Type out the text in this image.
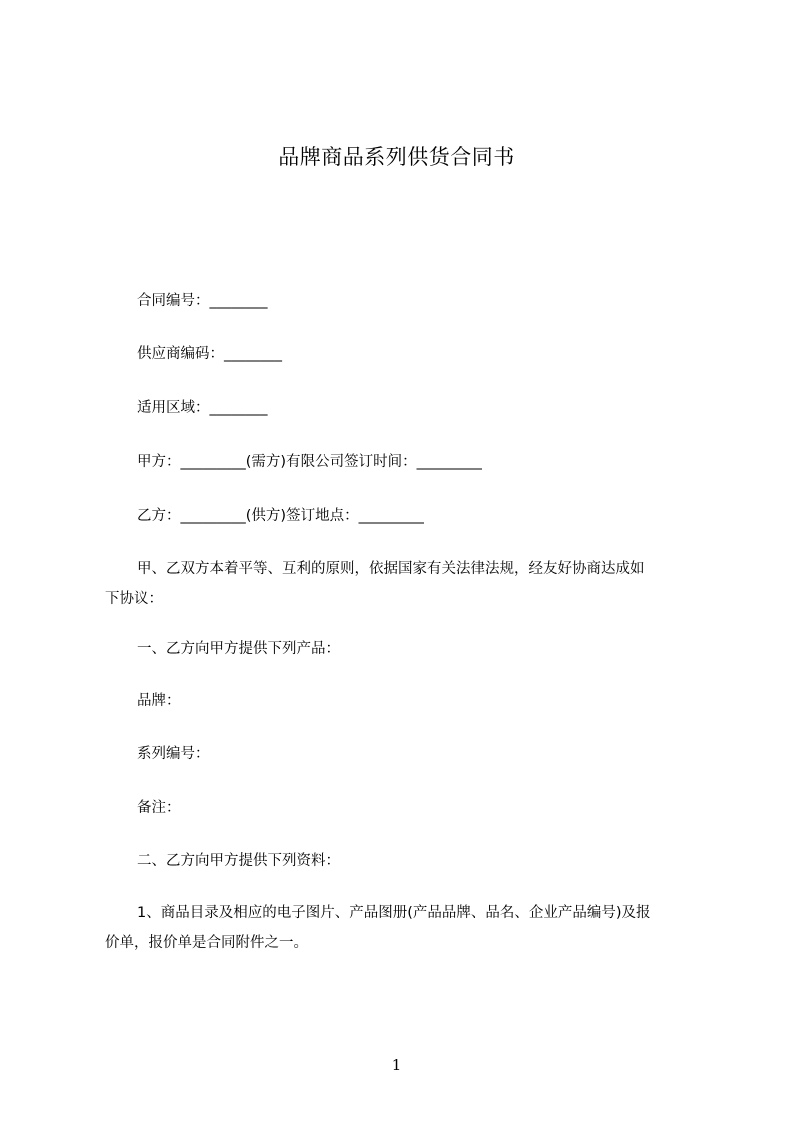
品牌商品系列供货合同书
合同编号：________
供应商编码：________
适用区域：________
甲方：_________(需方)有限公司签订时间：_________
乙方：_________(供方)签订地点：_________
甲、乙双方本着平等、互利的原则，依据国家有关法律法规，经友好协商达成如
下协议：
一、乙方向甲方提供下列产品：
品牌：
系列编号：
备注：
二、乙方向甲方提供下列资料：
1、商品目录及相应的电子图片、产品图册(产品品牌、品名、企业产品编号)及报
价单，报价单是合同附件之一。
1
